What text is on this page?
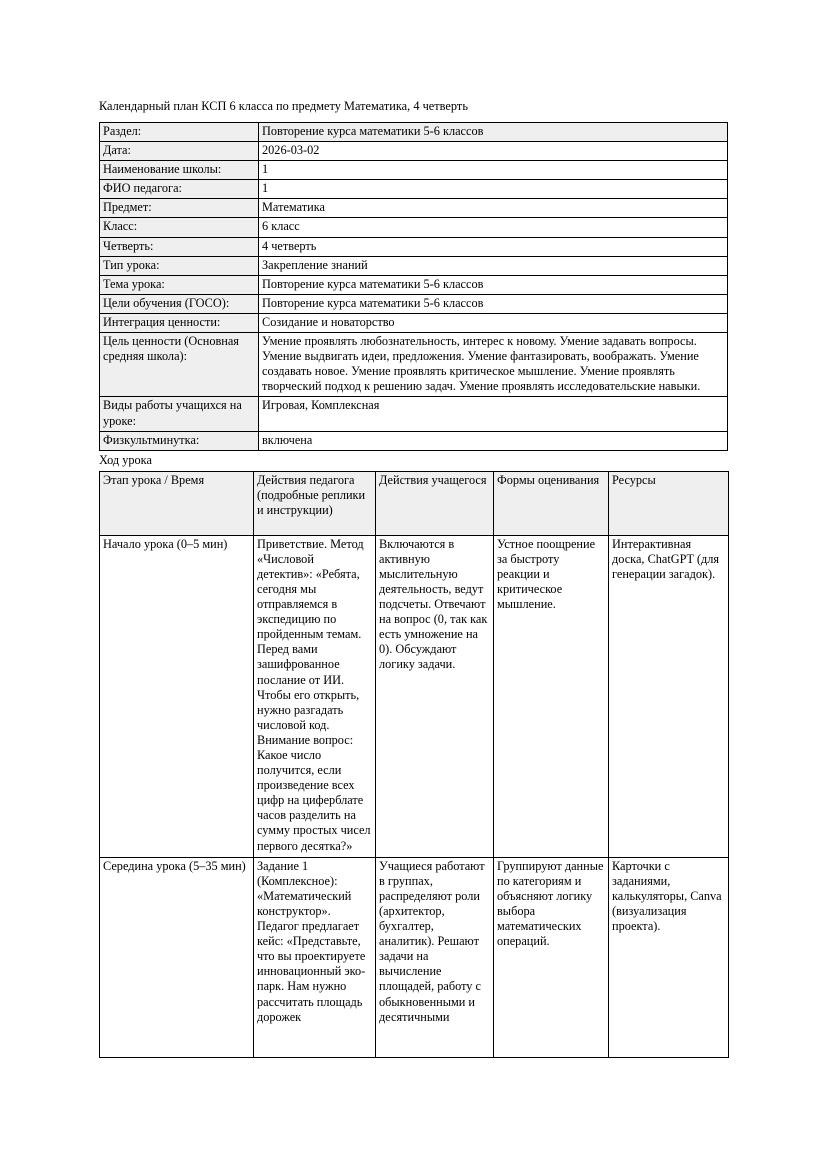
Календарный план КСП 6 класса по предмету Математика, 4 четверть

Раздел:	Повторение курса математики 5-6 классов
Дата:	2026-03-02
Наименование школы:	1
ФИО педагога:	1
Предмет:	Математика
Класс:	6 класс
Четверть:	4 четверть
Тип урока:	Закрепление знаний
Тема урока:	Повторение курса математики 5-6 классов
Цели обучения (ГОСО):	Повторение курса математики 5-6 классов
Интеграция ценности:	Созидание и новаторство
Цель ценности (Основная средняя школа):	Умение проявлять любознательность, интерес к новому. Умение задавать вопросы. Умение выдвигать идеи, предложения. Умение фантазировать, воображать. Умение создавать новое. Умение проявлять критическое мышление. Умение проявлять творческий подход к решению задач. Умение проявлять исследовательские навыки.
Виды работы учащихся на уроке:	Игровая, Комплексная
Физкультминутка:	включена

Ход урока

Этап урока / Время	Действия педагога (подробные реплики и инструкции)	Действия учащегося	Формы оценивания	Ресурсы
Начало урока (0–5 мин)	Приветствие. Метод «Числовой детектив»: «Ребята, сегодня мы отправляемся в экспедицию по пройденным темам. Перед вами зашифрованное послание от ИИ. Чтобы его открыть, нужно разгадать числовой код. Внимание вопрос: Какое число получится, если произведение всех цифр на циферблате часов разделить на сумму простых чисел первого десятка?»	Включаются в активную мыслительную деятельность, ведут подсчеты. Отвечают на вопрос (0, так как есть умножение на 0). Обсуждают логику задачи.	Устное поощрение за быстроту реакции и критическое мышление.	Интерактивная доска, ChatGPT (для генерации загадок).
Середина урока (5–35 мин)	Задание 1 (Комплексное): «Математический конструктор». Педагог предлагает кейс: «Представьте, что вы проектируете инновационный эко-парк. Нам нужно рассчитать площадь дорожек	Учащиеся работают в группах, распределяют роли (архитектор, бухгалтер, аналитик). Решают задачи на вычисление площадей, работу с обыкновенными и десятичными	Группируют данные по категориям и объясняют логику выбора математических операций.	Карточки с заданиями, калькуляторы, Canva (визуализация проекта).
